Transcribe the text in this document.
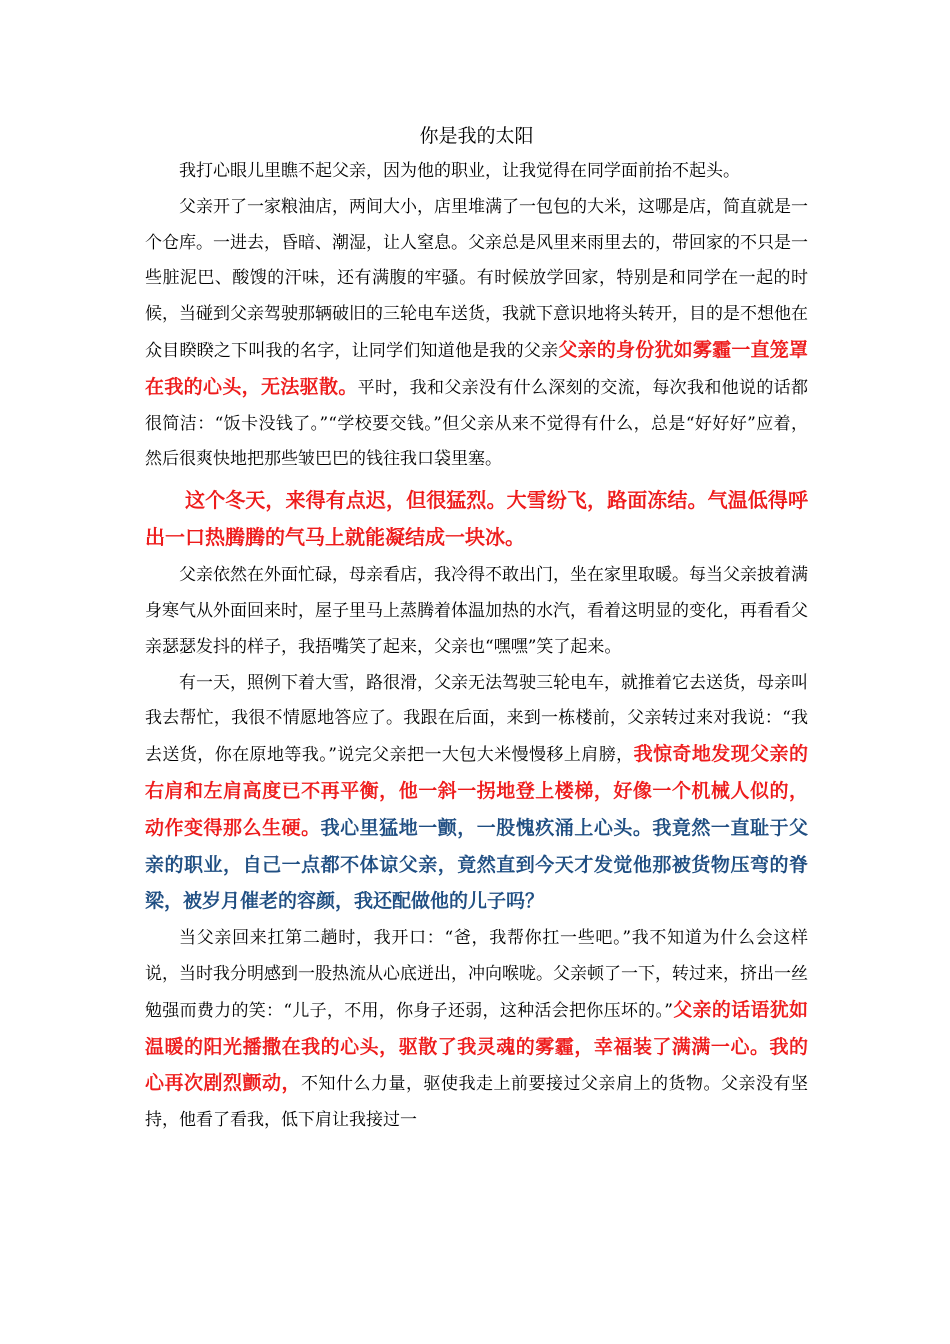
你是我的太阳

我打心眼儿里瞧不起父亲，因为他的职业，让我觉得在同学面前抬不起头。

父亲开了一家粮油店，两间大小，店里堆满了一包包的大米，这哪是店，简直就是一个仓库。一进去，昏暗、潮湿，让人窒息。父亲总是风里来雨里去的，带回家的不只是一些脏泥巴、酸馊的汗味，还有满腹的牢骚。有时候放学回家，特别是和同学在一起的时候，当碰到父亲驾驶那辆破旧的三轮电车送货，我就下意识地将头转开，目的是不想他在众目睽睽之下叫我的名字，让同学们知道他是我的父亲父亲的身份犹如雾霾一直笼罩在我的心头，无法驱散。平时，我和父亲没有什么深刻的交流，每次我和他说的话都很简洁：“饭卡没钱了。”“学校要交钱。”但父亲从来不觉得有什么，总是“好好好”应着，然后很爽快地把那些皱巴巴的钱往我口袋里塞。

这个冬天，来得有点迟，但很猛烈。大雪纷飞，路面冻结。气温低得呼出一口热腾腾的气马上就能凝结成一块冰。

父亲依然在外面忙碌，母亲看店，我冷得不敢出门，坐在家里取暖。每当父亲披着满身寒气从外面回来时，屋子里马上蒸腾着体温加热的水汽，看着这明显的变化，再看看父亲瑟瑟发抖的样子，我捂嘴笑了起来，父亲也“嘿嘿”笑了起来。

有一天，照例下着大雪，路很滑，父亲无法驾驶三轮电车，就推着它去送货，母亲叫我去帮忙，我很不情愿地答应了。我跟在后面，来到一栋楼前，父亲转过来对我说：“我去送货，你在原地等我。”说完父亲把一大包大米慢慢移上肩膀，我惊奇地发现父亲的右肩和左肩高度已不再平衡，他一斜一拐地登上楼梯，好像一个机械人似的，动作变得那么生硬。我心里猛地一颤，一股愧疚涌上心头。我竟然一直耻于父亲的职业，自己一点都不体谅父亲，竟然直到今天才发觉他那被货物压弯的脊梁，被岁月催老的容颜，我还配做他的儿子吗？

当父亲回来扛第二趟时，我开口：“爸，我帮你扛一些吧。”我不知道为什么会这样说，当时我分明感到一股热流从心底迸出，冲向喉咙。父亲顿了一下，转过来，挤出一丝勉强而费力的笑：“儿子，不用，你身子还弱，这种活会把你压坏的。”父亲的话语犹如温暖的阳光播撒在我的心头，驱散了我灵魂的雾霾，幸福装了满满一心。我的心再次剧烈颤动，不知什么力量，驱使我走上前要接过父亲肩上的货物。父亲没有坚持，他看了看我，低下肩让我接过一
